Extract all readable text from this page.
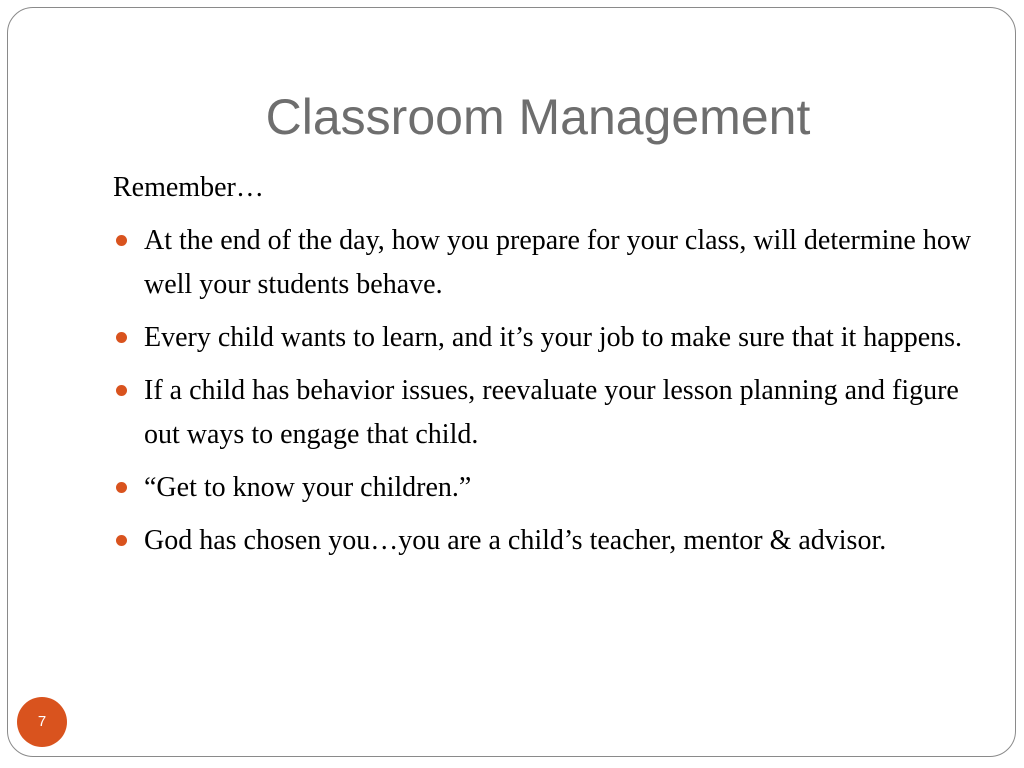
Classroom Management

Remember…

At the end of the day, how you prepare for your class, will determine how well your students behave.
Every child wants to learn, and it’s your job to make sure that it happens.
If a child has behavior issues, reevaluate your lesson planning and figure out ways to engage that child.
“Get to know your children.”
God has chosen you…you are a child’s teacher, mentor & advisor.
7
